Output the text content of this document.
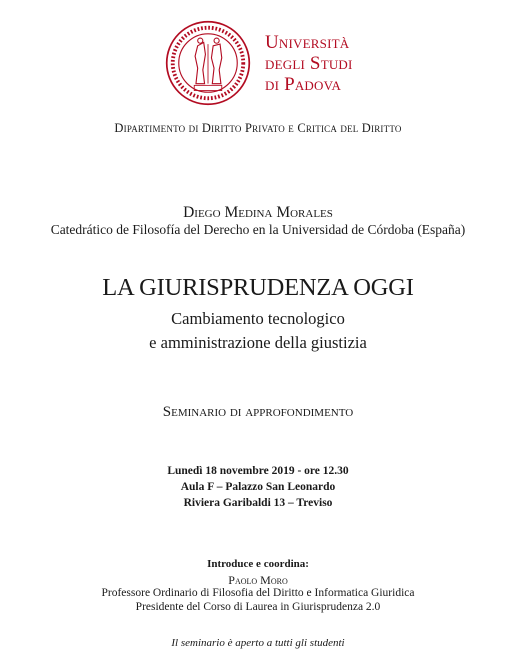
Università
degli Studi
di Padova
Dipartimento di Diritto Privato e Critica del Diritto
Diego Medina Morales
Catedrático de Filosofía del Derecho en la Universidad de Córdoba (España)
LA GIURISPRUDENZA OGGI
Cambiamento tecnologico
e amministrazione della giustizia
Seminario di approfondimento
Lunedì 18 novembre 2019 - ore 12.30
Aula F – Palazzo San Leonardo
Riviera Garibaldi 13 – Treviso
Introduce e coordina:
Paolo Moro
Professore Ordinario di Filosofia del Diritto e Informatica Giuridica
Presidente del Corso di Laurea in Giurisprudenza 2.0
Il seminario è aperto a tutti gli studenti
